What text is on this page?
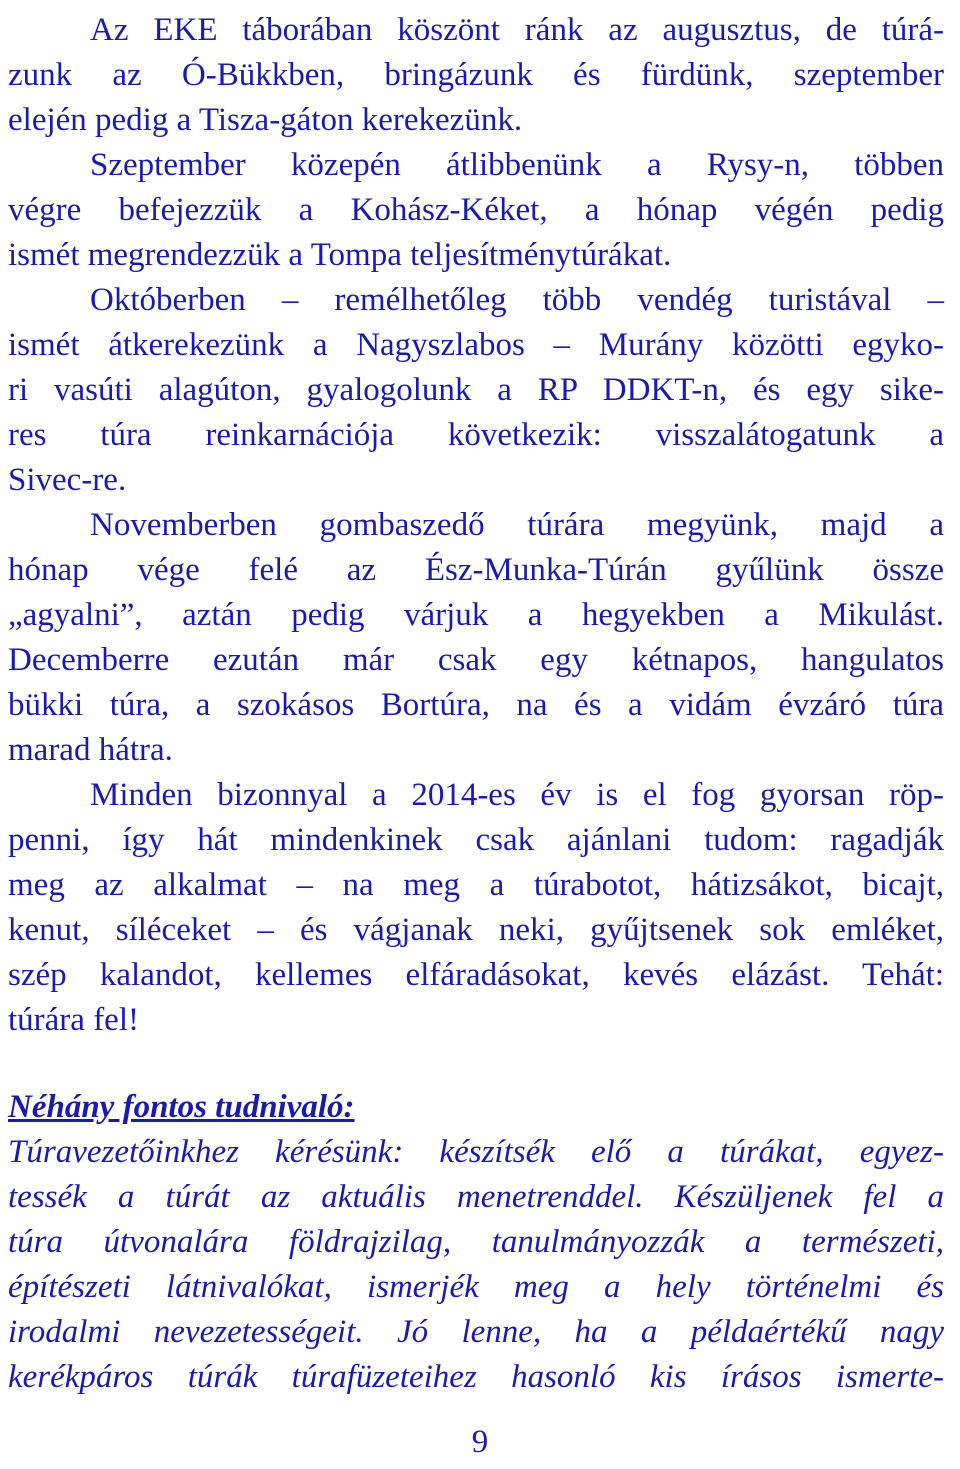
Az EKE táborában köszönt ránk az augusztus, de túrá-
zunk az Ó-Bükkben, bringázunk és fürdünk, szeptember
elején pedig a Tisza-gáton kerekezünk.
Szeptember közepén átlibbenünk a Rysy-n, többen
végre befejezzük a Kohász-Kéket, a hónap végén pedig
ismét megrendezzük a Tompa teljesítménytúrákat.
Októberben – remélhetőleg több vendég turistával –
ismét átkerekezünk a Nagyszlabos – Murány közötti egyko-
ri vasúti alagúton, gyalogolunk a RP DDKT-n, és egy sike-
res túra reinkarnációja következik: visszalátogatunk a
Sivec-re.
Novemberben gombaszedő túrára megyünk, majd a
hónap vége felé az Ész-Munka-Túrán gyűlünk össze
„agyalni”, aztán pedig várjuk a hegyekben a Mikulást.
Decemberre ezután már csak egy kétnapos, hangulatos
bükki túra, a szokásos Bortúra, na és a vidám évzáró túra
marad hátra.
Minden bizonnyal a 2014-es év is el fog gyorsan röp-
penni, így hát mindenkinek csak ajánlani tudom: ragadják
meg az alkalmat – na meg a túrabotot, hátizsákot, bicajt,
kenut, síléceket – és vágjanak neki, gyűjtsenek sok emléket,
szép kalandot, kellemes elfáradásokat, kevés elázást. Tehát:
túrára fel!
Néhány fontos tudnivaló:
Túravezetőinkhez kérésünk: készítsék elő a túrákat, egyez-
tessék a túrát az aktuális menetrenddel. Készüljenek fel a
túra útvonalára földrajzilag, tanulmányozzák a természeti,
építészeti látnivalókat, ismerjék meg a hely történelmi és
irodalmi nevezetességeit. Jó lenne, ha a példaértékű nagy
kerékpáros túrák túrafüzeteihez hasonló kis írásos ismerte-
9
